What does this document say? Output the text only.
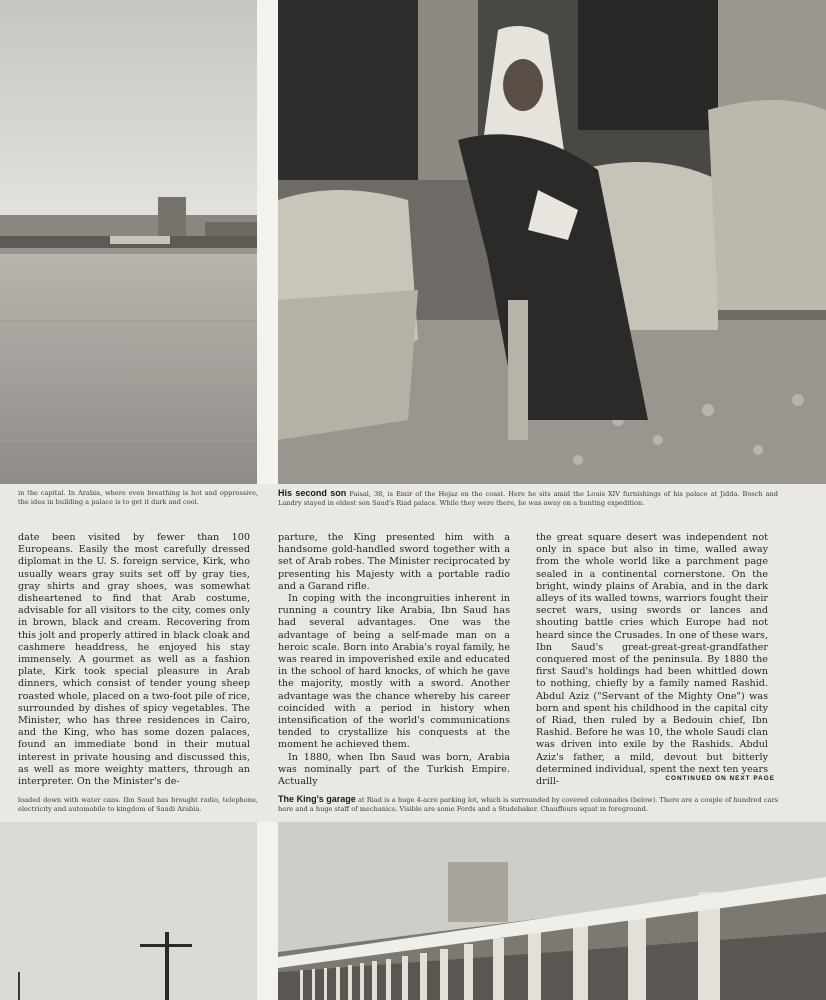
in the capital. In Arabia, where even breathing is hot and oppressive, the idea in building a palace is to get it dark and cool.
His second son Faisal, 38, is Emir of the Hejaz on the coast. Here he sits amid the Louis XIV furnishings of his palace at Jidda. Bosch and Landry stayed in eldest son Saud's Riad palace. While they were there, he was away on a hunting expedition.

date been visited by fewer than 100 Europeans. Easily the most carefully dressed diplomat in the U. S. foreign service, Kirk, who usually wears gray suits set off by gray ties, gray shirts and gray shoes, was somewhat disheartened to find that Arab costume, advisable for all visitors to the city, comes only in brown, black and cream. Recovering from this jolt and properly attired in black cloak and cashmere headdress, he enjoyed his stay immensely. A gourmet as well as a fashion plate, Kirk took special pleasure in Arab dinners, which consist of tender young sheep roasted whole, placed on a two-foot pile of rice, surrounded by dishes of spicy vegetables. The Minister, who has three residences in Cairo, and the King, who has some dozen palaces, found an immediate bond in their mutual interest in private housing and discussed this, as well as more weighty matters, through an interpreter. On the Minister's de-

parture, the King presented him with a handsome gold-handled sword together with a set of Arab robes. The Minister reciprocated by presenting his Majesty with a portable radio and a Garand rifle.

In coping with the incongruities inherent in running a country like Arabia, Ibn Saud has had several advantages. One was the advantage of being a self-made man on a heroic scale. Born into Arabia's royal family, he was reared in impoverished exile and educated in the school of hard knocks, of which he gave the majority, mostly with a sword. Another advantage was the chance whereby his career coincided with a period in history when intensification of the world's communications tended to crystallize his conquests at the moment he achieved them.

In 1880, when Ibn Saud was born, Arabia was nominally part of the Turkish Empire. Actually

the great square desert was independent not only in space but also in time, walled away from the whole world like a parchment page sealed in a continental cornerstone. On the bright, windy plains of Arabia, and in the dark alleys of its walled towns, warriors fought their secret wars, using swords or lances and shouting battle cries which Europe had not heard since the Crusades. In one of these wars, Ibn Saud's great-great-great-grandfather conquered most of the peninsula. By 1880 the first Saud's holdings had been whittled down to nothing, chiefly by a family named Rashid. Abdul Aziz ("Servant of the Mighty One") was born and spent his childhood in the capital city of Riad, then ruled by a Bedouin chief, Ibn Rashid. Before he was 10, the whole Saudi clan was driven into exile by the Rashids. Abdul Aziz's father, a mild, devout but bitterly determined individual, spent the next ten years drill-	CONTINUED ON NEXT PAGE
loaded down with water cans. Ibn Saud has brought radio, telephone, electricity and automobile to kingdom of Saudi Arabia.
The King's garage at Riad is a huge 4-acre parking lot, which is surrounded by covered colonnades (below). There are a couple of hundred cars here and a huge staff of mechanics. Visible are some Fords and a Studebaker. Chauffeurs squat in foreground.
